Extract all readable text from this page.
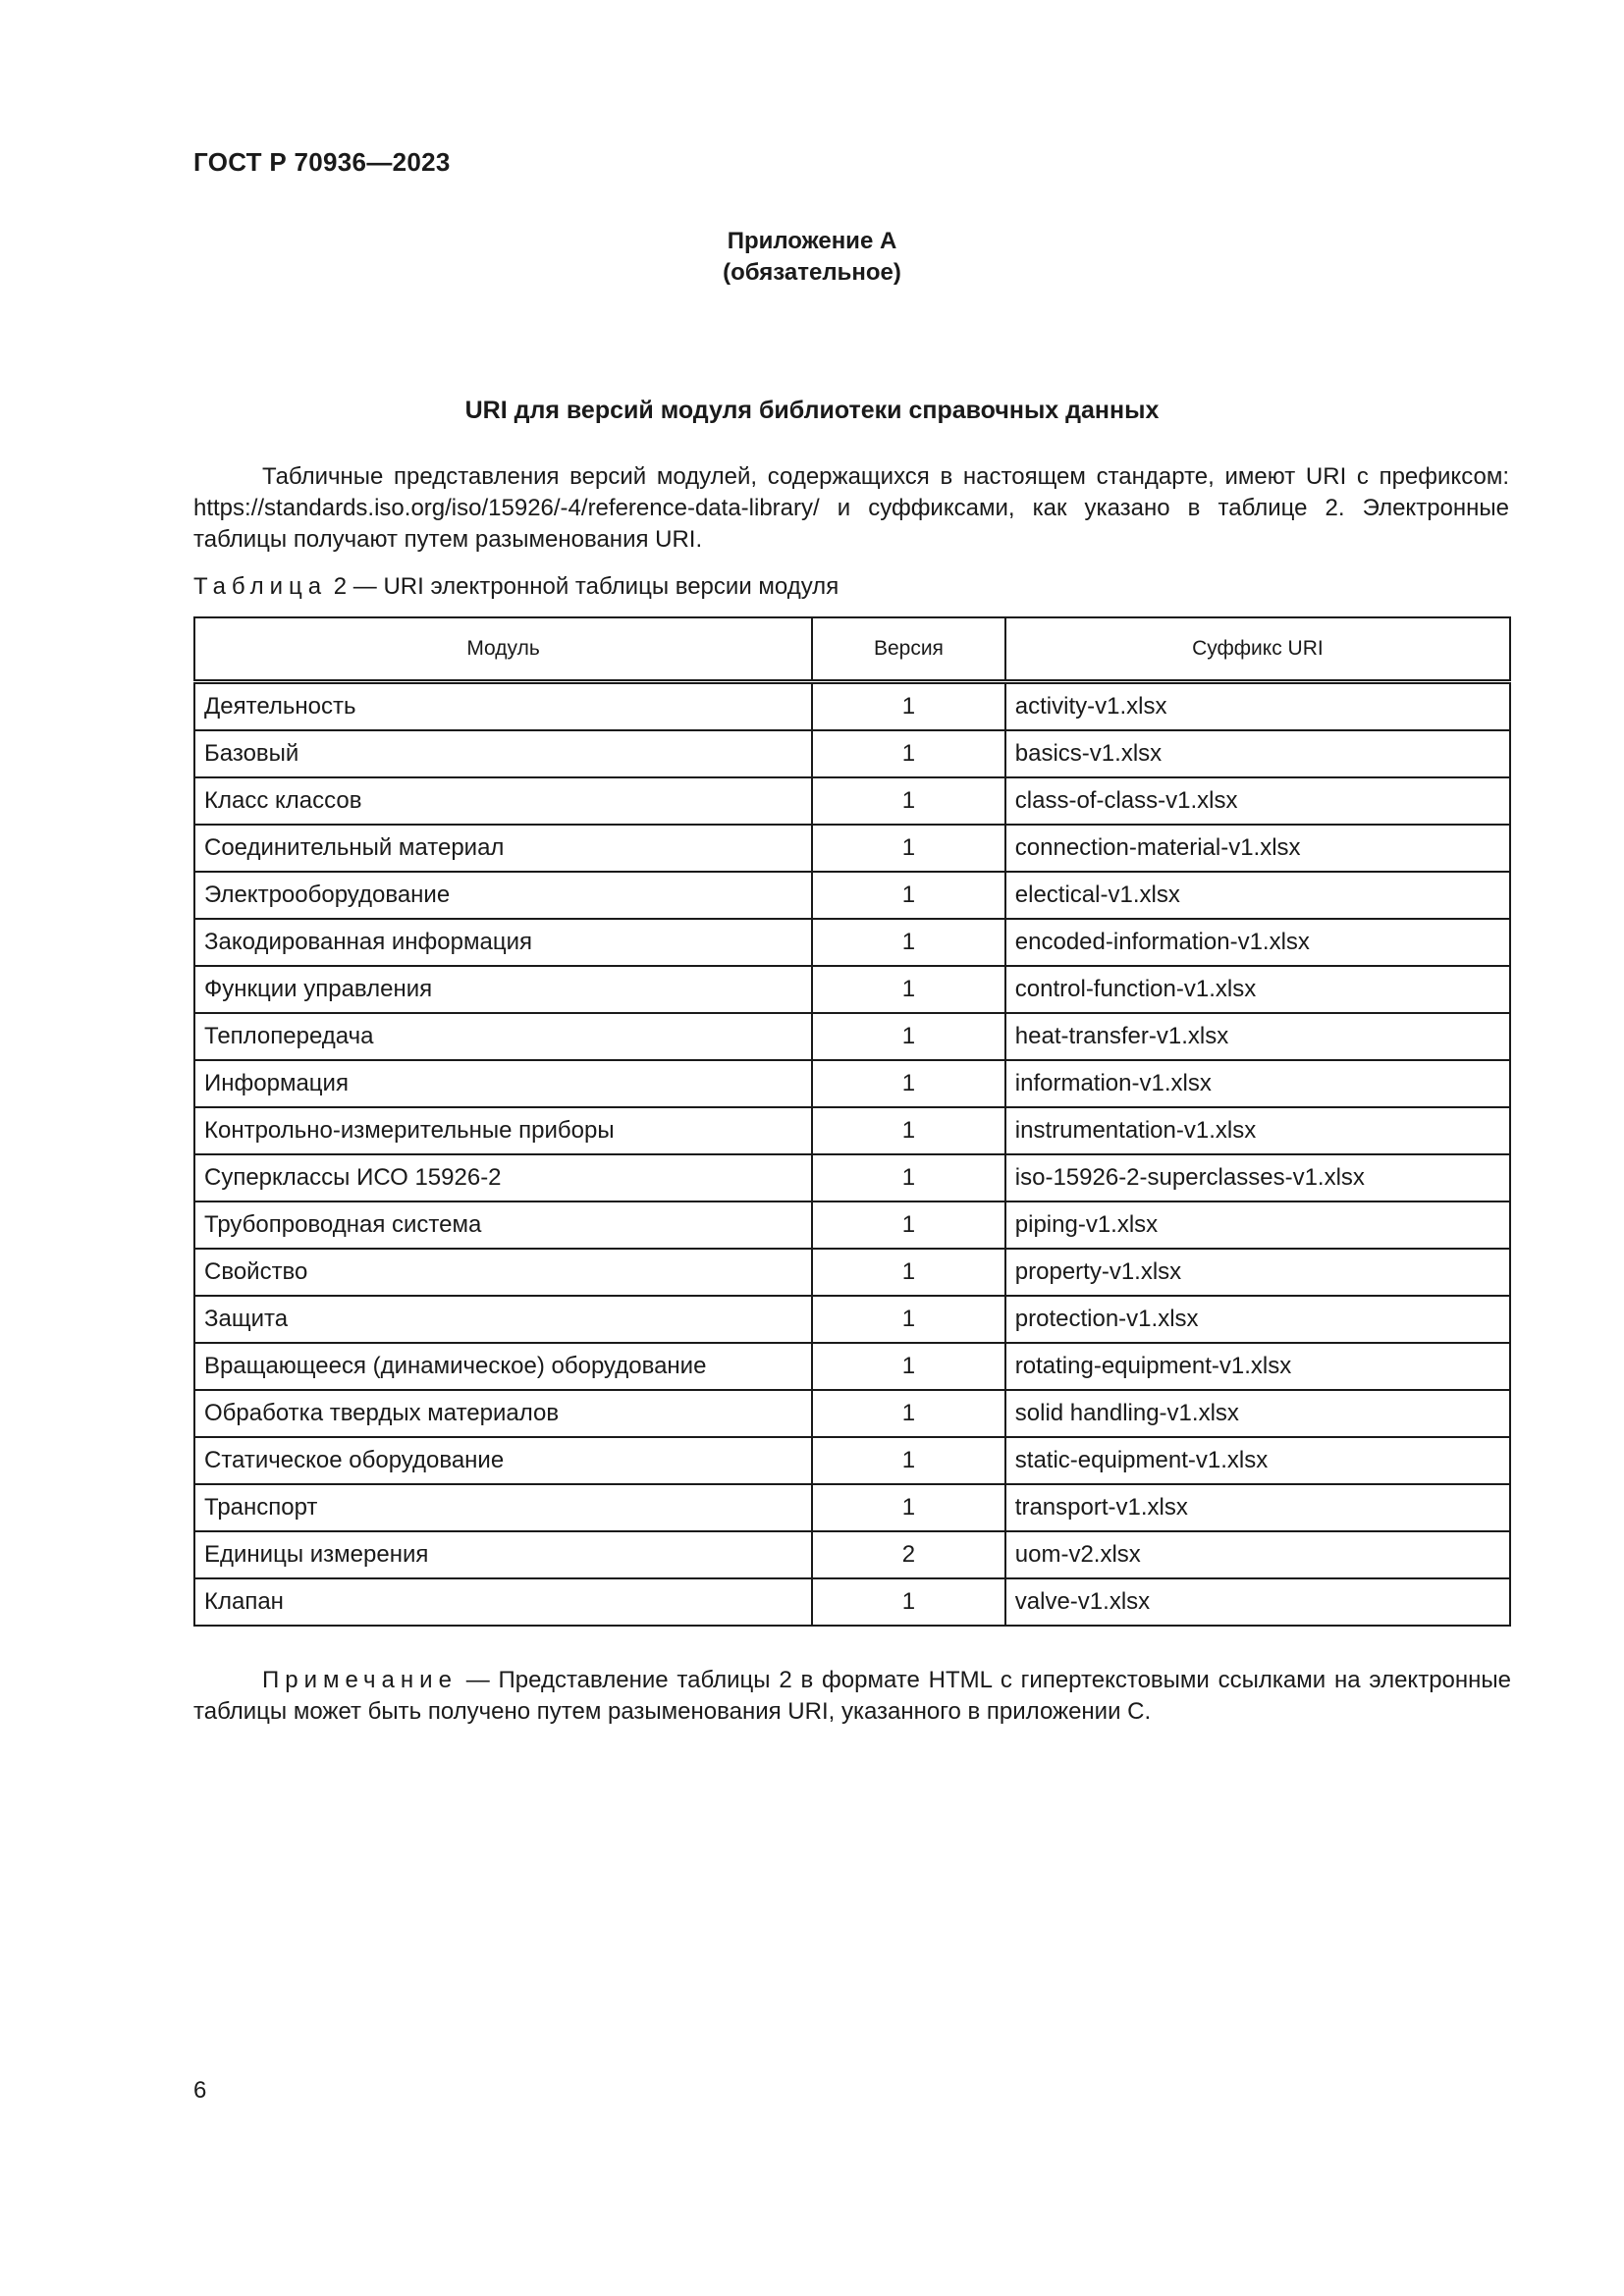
ГОСТ Р 70936—2023
Приложение А
(обязательное)
URI для версий модуля библиотеки справочных данных

Табличные представления версий модулей, содержащихся в настоящем стандарте, имеют URI с префиксом: https://standards.iso.org/iso/15926/-4/reference-data-library/ и суффиксами, как указано в таблице 2. Электронные таблицы получают путем разыменования URI.

Таблица 2 — URI электронной таблицы версии модуля
Модуль	Версия	Суффикс URI
Деятельность	1	activity-v1.xlsx
Базовый	1	basics-v1.xlsx
Класс классов	1	class-of-class-v1.xlsx
Соединительный материал	1	connection-material-v1.xlsx
Электрооборудование	1	electical-v1.xlsx
Закодированная информация	1	encoded-information-v1.xlsx
Функции управления	1	control-function-v1.xlsx
Теплопередача	1	heat-transfer-v1.xlsx
Информация	1	information-v1.xlsx
Контрольно-измерительные приборы	1	instrumentation-v1.xlsx
Суперклассы ИСО 15926-2	1	iso-15926-2-superclasses-v1.xlsx
Трубопроводная система	1	piping-v1.xlsx
Свойство	1	property-v1.xlsx
Защита	1	protection-v1.xlsx
Вращающееся (динамическое) оборудование	1	rotating-equipment-v1.xlsx
Обработка твердых материалов	1	solid handling-v1.xlsx
Статическое оборудование	1	static-equipment-v1.xlsx
Транспорт	1	transport-v1.xlsx
Единицы измерения	2	uom-v2.xlsx
Клапан	1	valve-v1.xlsx

Примечание — Представление таблицы 2 в формате HTML с гипертекстовыми ссылками на электронные таблицы может быть получено путем разыменования URI, указанного в приложении С.

6
